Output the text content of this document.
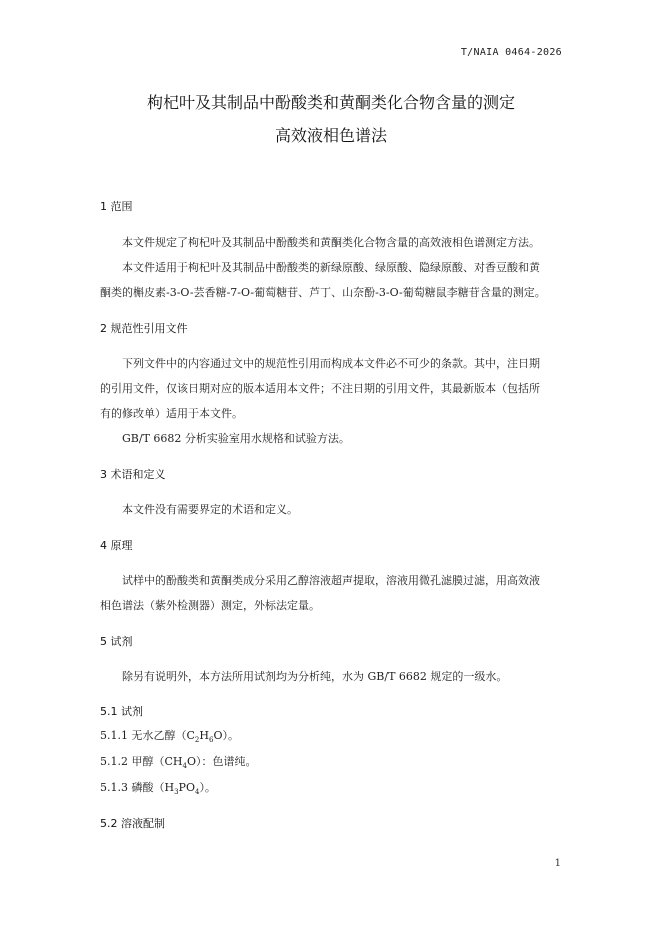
T/NAIA 0464-2026
枸杞叶及其制品中酚酸类和黄酮类化合物含量的测定
高效液相色谱法
1 范围
本文件规定了枸杞叶及其制品中酚酸类和黄酮类化合物含量的高效液相色谱测定方法。
本文件适用于枸杞叶及其制品中酚酸类的新绿原酸、绿原酸、隐绿原酸、对香豆酸和黄
酮类的槲皮素-3-O-芸香糖-7-O-葡萄糖苷、芦丁、山奈酚-3-O-葡萄糖鼠李糖苷含量的测定。
2 规范性引用文件
下列文件中的内容通过文中的规范性引用而构成本文件必不可少的条款。其中，注日期
的引用文件，仅该日期对应的版本适用本文件；不注日期的引用文件，其最新版本（包括所
有的修改单）适用于本文件。
GB/T 6682 分析实验室用水规格和试验方法。
3 术语和定义
本文件没有需要界定的术语和定义。
4 原理
试样中的酚酸类和黄酮类成分采用乙醇溶液超声提取，溶液用微孔滤膜过滤，用高效液
相色谱法（紫外检测器）测定，外标法定量。
5 试剂
除另有说明外，本方法所用试剂均为分析纯，水为 GB/T 6682 规定的一级水。
5.1 试剂
5.1.1 无水乙醇$(C_2H_6O)$。
5.1.2 甲醇$(CH_4O)$：色谱纯。
5.1.3 磷酸$(H_3PO_4)$。
5.2 溶液配制
1
